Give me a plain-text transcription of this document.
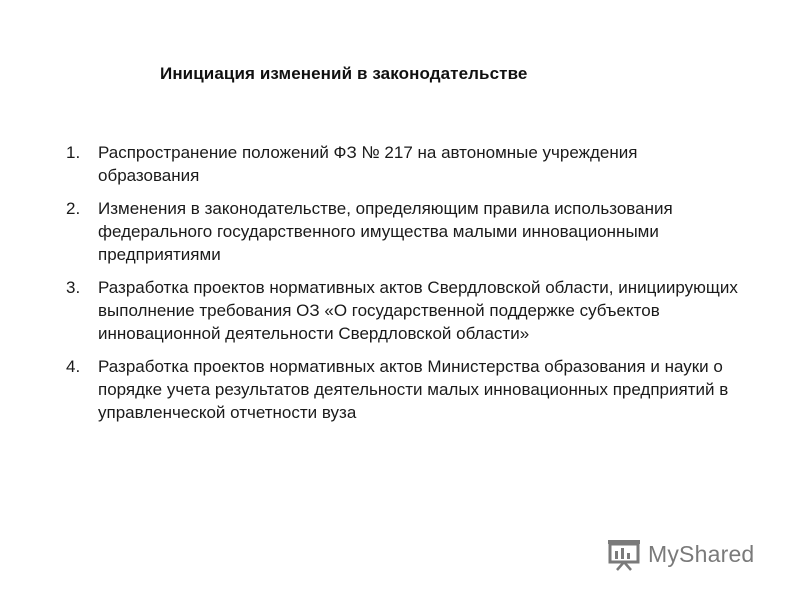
Инициация изменений в законодательстве
1.	Распространение положений ФЗ № 217 на автономные учреждения образования
2.	Изменения в законодательстве, определяющим правила использования федерального государственного имущества малыми инновационными предприятиями
3.	Разработка проектов нормативных актов Свердловской области, инициирующих выполнение требования ОЗ «О государственной поддержке субъектов инновационной деятельности Свердловской области»
4.	Разработка проектов нормативных актов Министерства образования и науки о порядке учета результатов деятельности малых инновационных предприятий в управленческой отчетности вуза
MyShared
